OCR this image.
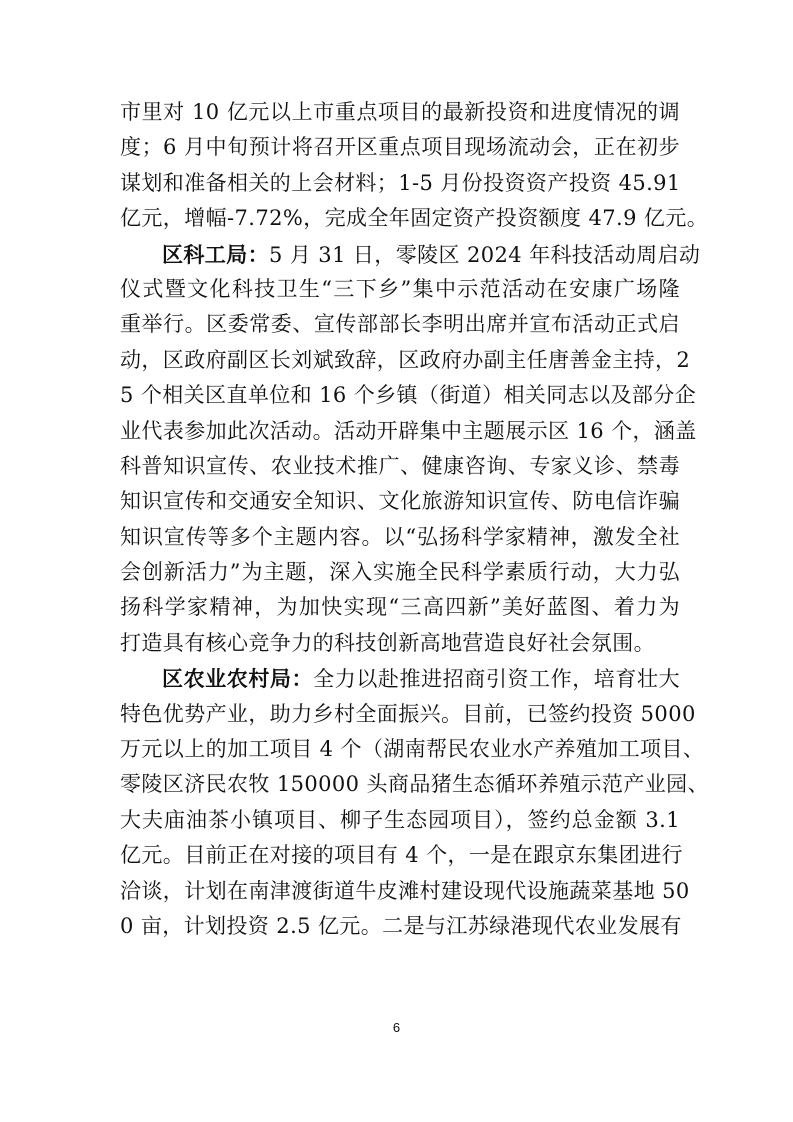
市里对 10 亿元以上市重点项目的最新投资和进度情况的调
度；6 月中旬预计将召开区重点项目现场流动会，正在初步
谋划和准备相关的上会材料；1-5 月份投资资产投资 45.91
亿元，增幅-7.72%，完成全年固定资产投资额度 47.9 亿元。
区科工局：5 月 31 日，零陵区 2024 年科技活动周启动
仪式暨文化科技卫生“三下乡”集中示范活动在安康广场隆
重举行。区委常委、宣传部部长李明出席并宣布活动正式启
动，区政府副区长刘斌致辞，区政府办副主任唐善金主持，2
5 个相关区直单位和 16 个乡镇（街道）相关同志以及部分企
业代表参加此次活动。活动开辟集中主题展示区 16 个，涵盖
科普知识宣传、农业技术推广、健康咨询、专家义诊、禁毒
知识宣传和交通安全知识、文化旅游知识宣传、防电信诈骗
知识宣传等多个主题内容。以“弘扬科学家精神，激发全社
会创新活力”为主题，深入实施全民科学素质行动，大力弘
扬科学家精神，为加快实现“三高四新”美好蓝图、着力为
打造具有核心竞争力的科技创新高地营造良好社会氛围。
区农业农村局：全力以赴推进招商引资工作，培育壮大
特色优势产业，助力乡村全面振兴。目前，已签约投资 5000
万元以上的加工项目 4 个（湖南帮民农业水产养殖加工项目、
零陵区济民农牧 150000 头商品猪生态循环养殖示范产业园、
大夫庙油茶小镇项目、柳子生态园项目），签约总金额 3.1
亿元。目前正在对接的项目有 4 个，一是在跟京东集团进行
洽谈，计划在南津渡街道牛皮滩村建设现代设施蔬菜基地 50
0 亩，计划投资 2.5 亿元。二是与江苏绿港现代农业发展有
6
